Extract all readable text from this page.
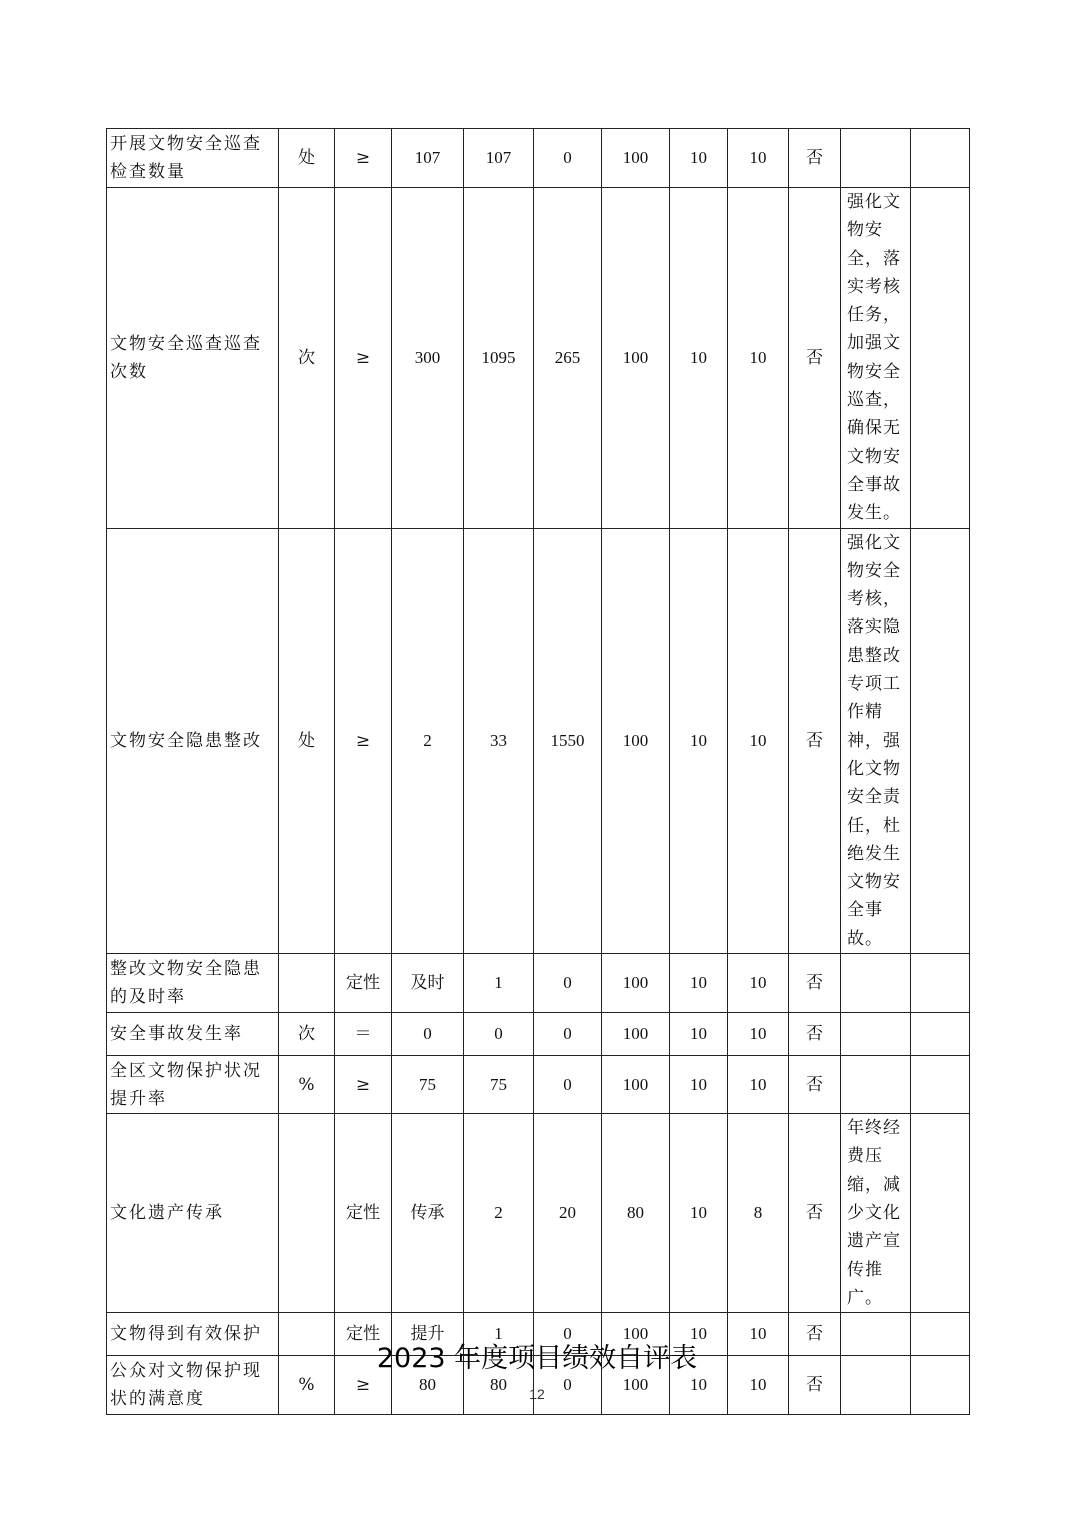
开展文物安全巡查检查数量	处	≥	107	107	0	100	10	10	否		
文物安全巡查巡查次数	次	≥	300	1095	265	100	10	10	否	强化文物安全，落实考核任务，加强文物安全巡查，确保无文物安全事故发生。	
文物安全隐患整改	处	≥	2	33	1550	100	10	10	否	强化文物安全考核，落实隐患整改专项工作精神，强化文物安全责任，杜绝发生文物安全事故。	
整改文物安全隐患的及时率		定性	及时	1	0	100	10	10	否		
安全事故发生率	次	＝	0	0	0	100	10	10	否		
全区文物保护状况提升率	%	≥	75	75	0	100	10	10	否		
文化遗产传承		定性	传承	2	20	80	10	8	否	年终经费压缩，减少文化遗产宣传推广。	
文物得到有效保护		定性	提升	1	0	100	10	10	否		
公众对文物保护现状的满意度	%	≥	80	80	0	100	10	10	否		
2023 年度项目绩效自评表
12
